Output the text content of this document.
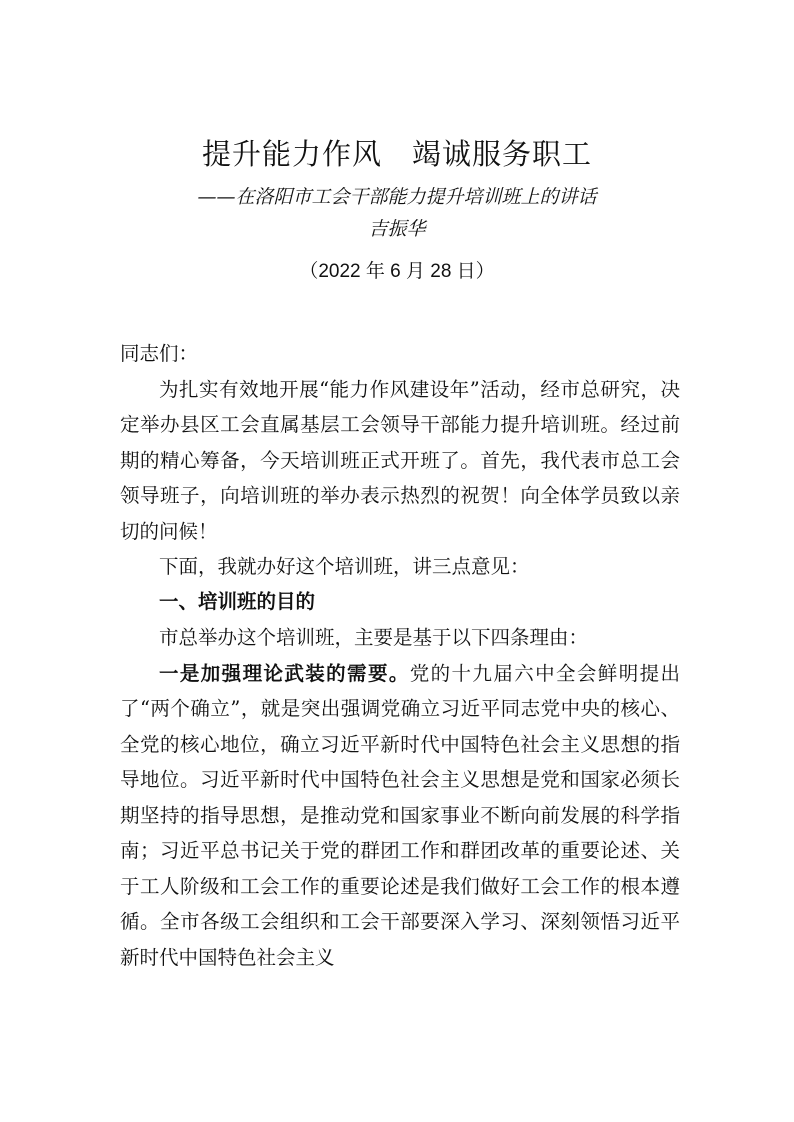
提升能力作风 竭诚服务职工
——在洛阳市工会干部能力提升培训班上的讲话
吉振华
（2022 年 6 月 28 日）

同志们：

为扎实有效地开展“能力作风建设年”活动，经市总研究，决定举办县区工会直属基层工会领导干部能力提升培训班。经过前期的精心筹备，今天培训班正式开班了。首先，我代表市总工会领导班子，向培训班的举办表示热烈的祝贺！向全体学员致以亲切的问候！

下面，我就办好这个培训班，讲三点意见：

一、培训班的目的

市总举办这个培训班，主要是基于以下四条理由：

一是加强理论武装的需要。党的十九届六中全会鲜明提出了“两个确立”，就是突出强调党确立习近平同志党中央的核心、全党的核心地位，确立习近平新时代中国特色社会主义思想的指导地位。习近平新时代中国特色社会主义思想是党和国家必须长期坚持的指导思想，是推动党和国家事业不断向前发展的科学指南；习近平总书记关于党的群团工作和群团改革的重要论述、关于工人阶级和工会工作的重要论述是我们做好工会工作的根本遵循。全市各级工会组织和工会干部要深入学习、深刻领悟习近平新时代中国特色社会主义
